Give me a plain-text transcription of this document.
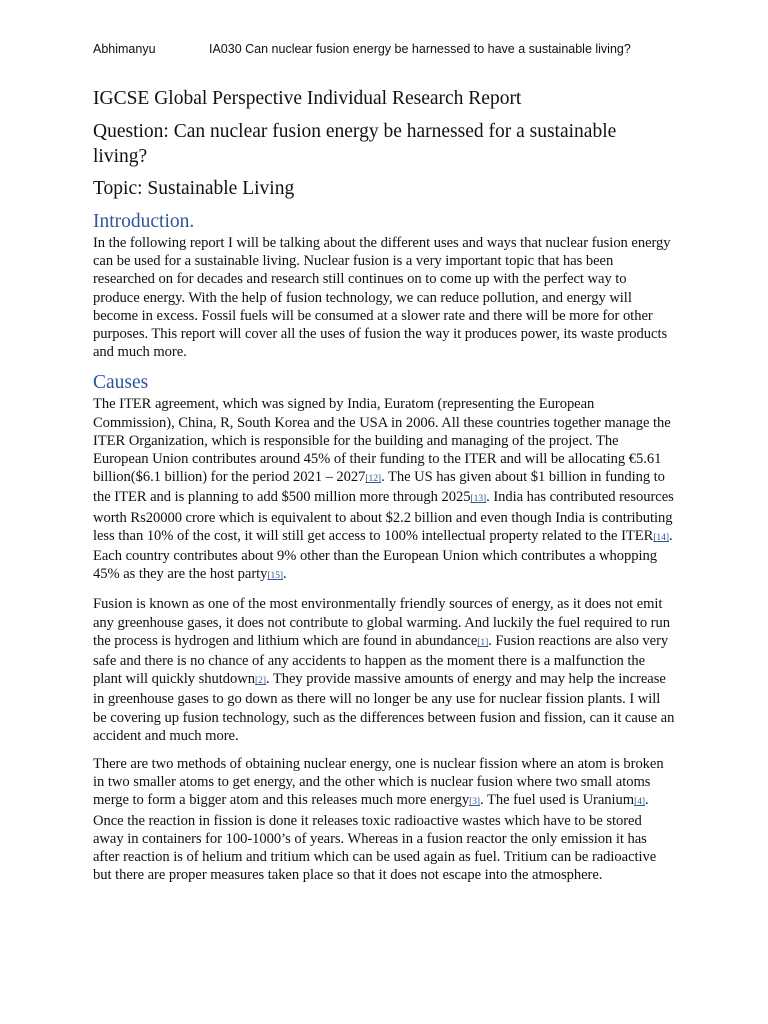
Abhimanyu	IA030 Can nuclear fusion energy be harnessed to have a sustainable living?
IGCSE Global Perspective Individual Research Report
Question: Can nuclear fusion energy be harnessed for a sustainable living?
Topic: Sustainable Living
Introduction.

In the following report I will be talking about the different uses and ways that nuclear fusion energy can be used for a sustainable living. Nuclear fusion is a very important topic that has been researched on for decades and research still continues on to come up with the perfect way to produce energy. With the help of fusion technology, we can reduce pollution, and energy will become in excess. Fossil fuels will be consumed at a slower rate and there will be more for other purposes. This report will cover all the uses of fusion the way it produces power, its waste products and much more.

Causes

The ITER agreement, which was signed by India, Euratom (representing the European Commission), China, R, South Korea and the USA in 2006. All these countries together manage the ITER Organization, which is responsible for the building and managing of the project. The European Union contributes around 45% of their funding to the ITER and will be allocating €5.61 billion($6.1 billion) for the period 2021 – 2027[12]. The US has given about $1 billion in funding to the ITER and is planning to add $500 million more through 2025[13]. India has contributed resources worth Rs20000 crore which is equivalent to about $2.2 billion and even though India is contributing less than 10% of the cost, it will still get access to 100% intellectual property related to the ITER[14]. Each country contributes about 9% other than the European Union which contributes a whopping 45% as they are the host party[15].

Fusion is known as one of the most environmentally friendly sources of energy, as it does not emit any greenhouse gases, it does not contribute to global warming. And luckily the fuel required to run the process is hydrogen and lithium which are found in abundance[1]. Fusion reactions are also very safe and there is no chance of any accidents to happen as the moment there is a malfunction the plant will quickly shutdown[2]. They provide massive amounts of energy and may help the increase in greenhouse gases to go down as there will no longer be any use for nuclear fission plants. I will be covering up fusion technology, such as the differences between fusion and fission, can it cause an accident and much more.

There are two methods of obtaining nuclear energy, one is nuclear fission where an atom is broken in two smaller atoms to get energy, and the other which is nuclear fusion where two small atoms merge to form a bigger atom and this releases much more energy[3]. The fuel used is Uranium[4]. Once the reaction in fission is done it releases toxic radioactive wastes which have to be stored away in containers for 100-1000’s of years. Whereas in a fusion reactor the only emission it has after reaction is of helium and tritium which can be used again as fuel. Tritium can be radioactive but there are proper measures taken place so that it does not escape into the atmosphere.
